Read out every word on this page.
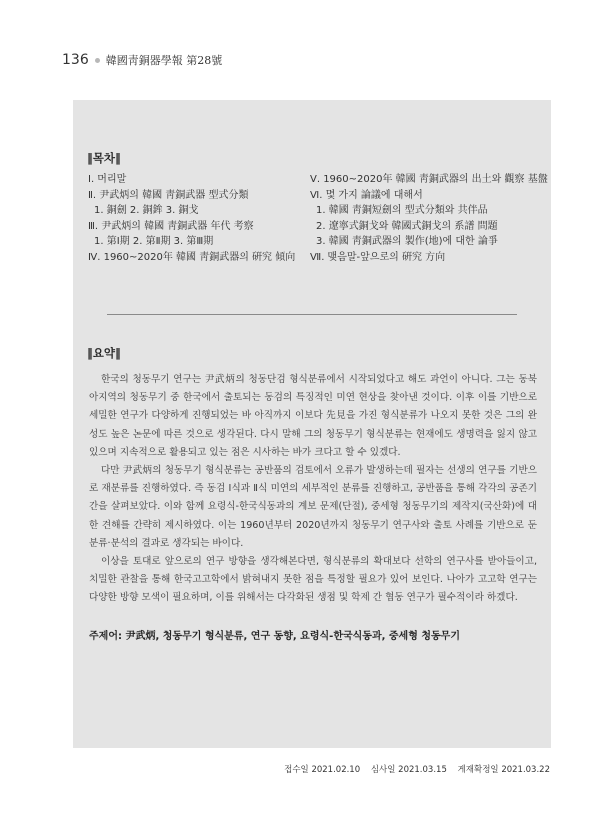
136 韓國靑銅器學報 第28號
‖목차‖
Ⅰ. 머리말
Ⅱ. 尹武炳의 韓國 靑銅武器 型式分類
1. 銅劍 2. 銅鉾 3. 銅戈
Ⅲ. 尹武炳의 韓國 靑銅武器 年代 考察
1. 第Ⅰ期 2. 第Ⅱ期 3. 第Ⅲ期
Ⅳ. 1960~2020年 韓國 靑銅武器의 硏究 傾向
Ⅴ. 1960~2020年 韓國 靑銅武器의 出土와 觀察 基盤
Ⅵ. 몇 가지 論議에 대해서
1. 韓國 靑銅短劍의 型式分類와 共伴品
2. 遼寧式銅戈와 韓國式銅戈의 系譜 問題
3. 韓國 靑銅武器의 製作(地)에 대한 論爭
Ⅶ. 맺음말-앞으로의 硏究 方向
‖요약‖

한국의 청동무기 연구는 尹武炳의 청동단검 형식분류에서 시작되었다고 해도 과언이 아니다. 그는 동북아지역의 청동무기 중 한국에서 출토되는 동검의 특징적인 미연 현상을 찾아낸 것이다. 이후 이를 기반으로 세밀한 연구가 다양하게 진행되었는 바 아직까지 이보다 先見을 가진 형식분류가 나오지 못한 것은 그의 완성도 높은 논문에 따른 것으로 생각된다. 다시 말해 그의 청동무기 형식분류는 현재에도 생명력을 잃지 않고 있으며 지속적으로 활용되고 있는 점은 시사하는 바가 크다고 할 수 있겠다.

다만 尹武炳의 청동무기 형식분류는 공반품의 검토에서 오류가 발생하는데 필자는 선생의 연구를 기반으로 재분류를 진행하였다. 즉 동검 Ⅰ식과 Ⅱ식 미연의 세부적인 분류를 진행하고, 공반품을 통해 각각의 공존기간을 살펴보았다. 이와 함께 요령식-한국식동과의 계보 문제(단절), 중세형 청동무기의 제작지(국산화)에 대한 견해를 간략히 제시하였다. 이는 1960년부터 2020년까지 청동무기 연구사와 출토 사례를 기반으로 둔 분류·분석의 결과로 생각되는 바이다.

이상을 토대로 앞으로의 연구 방향을 생각해본다면, 형식분류의 확대보다 선학의 연구사를 받아들이고, 치밀한 관찰을 통해 한국고고학에서 밝혀내지 못한 점을 특정할 필요가 있어 보인다. 나아가 고고학 연구는 다양한 방향 모색이 필요하며, 이를 위해서는 다각화된 생점 및 학제 간 협동 연구가 필수적이라 하겠다.

주제어: 尹武炳, 청동무기 형식분류, 연구 동향, 요령식-한국식동과, 중세형 청동무기
접수일 2021.02.10 심사일 2021.03.15 게재확정일 2021.03.22
